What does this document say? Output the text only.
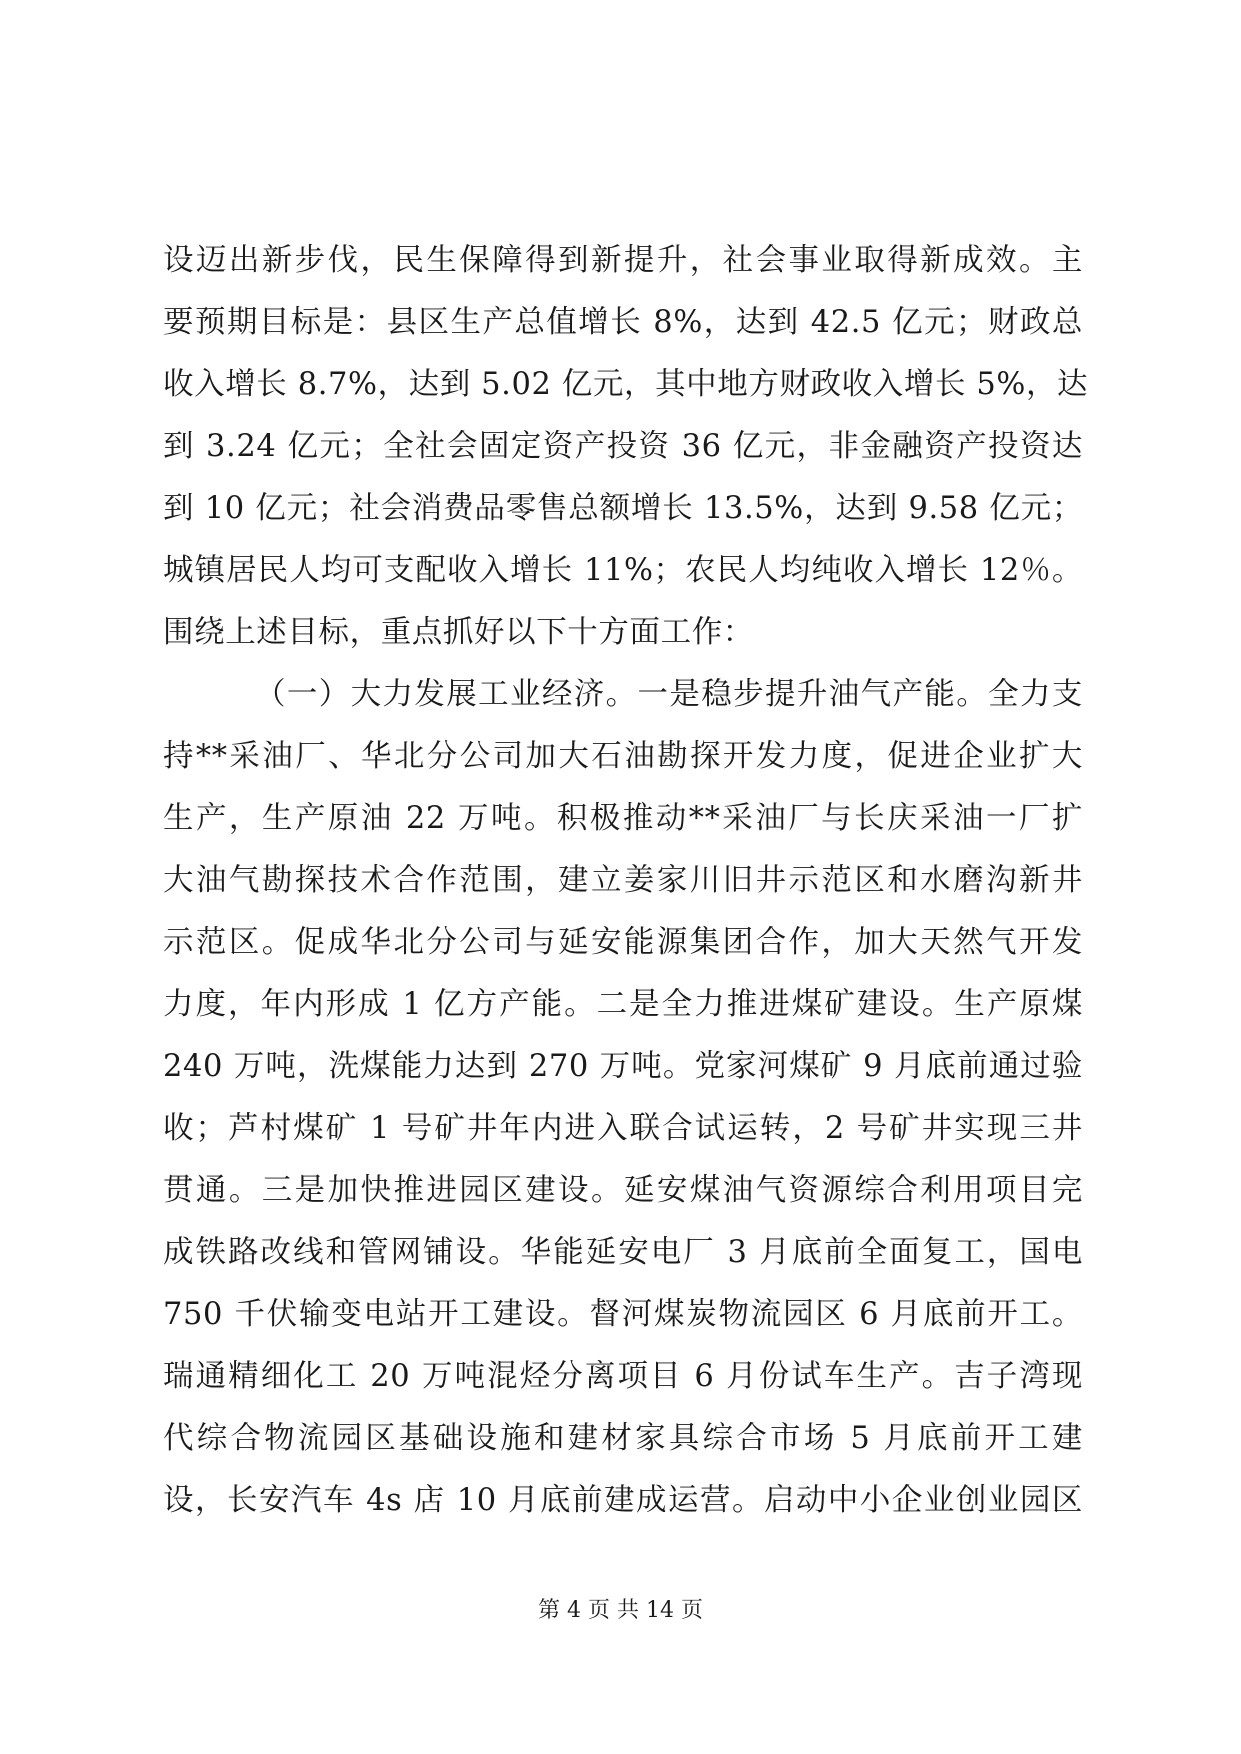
设迈出新步伐，民生保障得到新提升，社会事业取得新成效。主
要预期目标是：县区生产总值增长 8%，达到 42.5 亿元；财政总
收入增长 8.7%，达到 5.02 亿元，其中地方财政收入增长 5%，达
到 3.24 亿元；全社会固定资产投资 36 亿元，非金融资产投资达
到 10 亿元；社会消费品零售总额增长 13.5%，达到 9.58 亿元；
城镇居民人均可支配收入增长 11%；农民人均纯收入增长 12％。
围绕上述目标，重点抓好以下十方面工作：
（一）大力发展工业经济。一是稳步提升油气产能。全力支
持**采油厂、华北分公司加大石油勘探开发力度，促进企业扩大
生产，生产原油 22 万吨。积极推动**采油厂与长庆采油一厂扩
大油气勘探技术合作范围，建立姜家川旧井示范区和水磨沟新井
示范区。促成华北分公司与延安能源集团合作，加大天然气开发
力度，年内形成 1 亿方产能。二是全力推进煤矿建设。生产原煤
240 万吨，洗煤能力达到 270 万吨。党家河煤矿 9 月底前通过验
收；芦村煤矿 1 号矿井年内进入联合试运转，2 号矿井实现三井
贯通。三是加快推进园区建设。延安煤油气资源综合利用项目完
成铁路改线和管网铺设。华能延安电厂 3 月底前全面复工，国电
750 千伏输变电站开工建设。督河煤炭物流园区 6 月底前开工。
瑞通精细化工 20 万吨混烃分离项目 6 月份试车生产。吉子湾现
代综合物流园区基础设施和建材家具综合市场 5 月底前开工建
设，长安汽车 4s 店 10 月底前建成运营。启动中小企业创业园区
第 4 页 共 14 页
